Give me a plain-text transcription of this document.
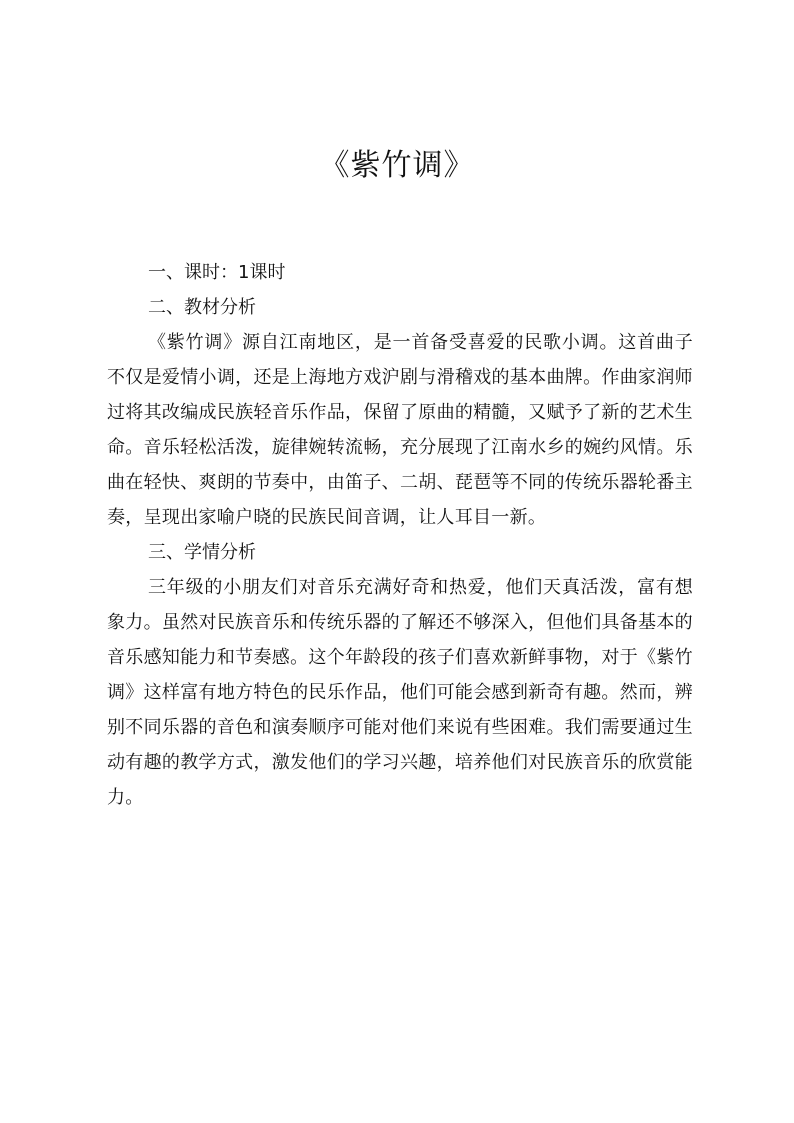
《紫竹调》
一、课时：1课时
二、教材分析

《紫竹调》源自江南地区，是一首备受喜爱的民歌小调。这首曲子不仅是爱情小调，还是上海地方戏沪剧与滑稽戏的基本曲牌。作曲家润师过将其改编成民族轻音乐作品，保留了原曲的精髓，又赋予了新的艺术生命。音乐轻松活泼，旋律婉转流畅，充分展现了江南水乡的婉约风情。乐曲在轻快、爽朗的节奏中，由笛子、二胡、琵琶等不同的传统乐器轮番主奏，呈现出家喻户晓的民族民间音调，让人耳目一新。

三、学情分析

三年级的小朋友们对音乐充满好奇和热爱，他们天真活泼，富有想象力。虽然对民族音乐和传统乐器的了解还不够深入，但他们具备基本的音乐感知能力和节奏感。这个年龄段的孩子们喜欢新鲜事物，对于《紫竹调》这样富有地方特色的民乐作品，他们可能会感到新奇有趣。然而，辨别不同乐器的音色和演奏顺序可能对他们来说有些困难。我们需要通过生动有趣的教学方式，激发他们的学习兴趣，培养他们对民族音乐的欣赏能力。
